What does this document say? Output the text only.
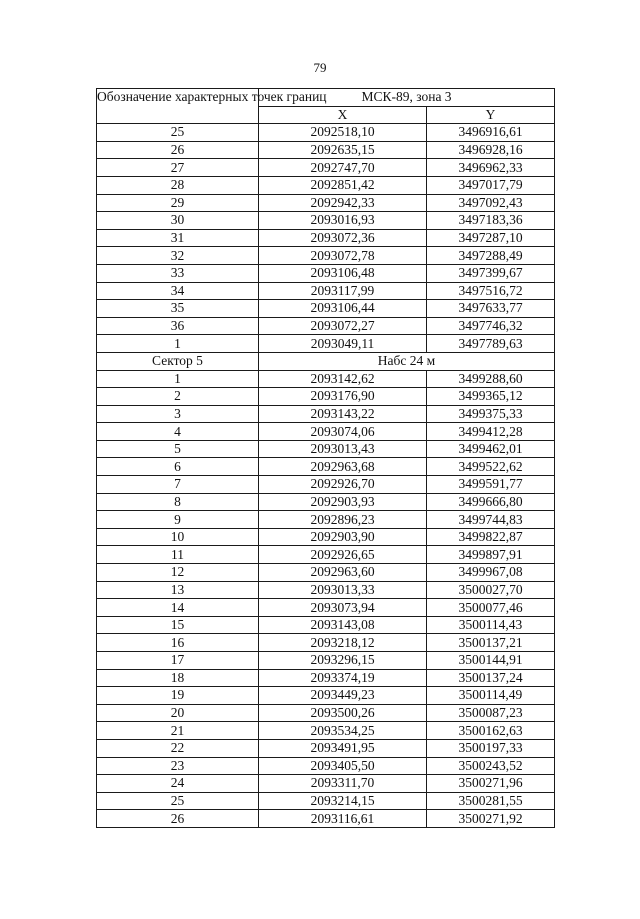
79
Обозначение характерных точек границ	МСК-89, зона 3	
	X	Y
25	2092518,10	3496916,61
26	2092635,15	3496928,16
27	2092747,70	3496962,33
28	2092851,42	3497017,79
29	2092942,33	3497092,43
30	2093016,93	3497183,36
31	2093072,36	3497287,10
32	2093072,78	3497288,49
33	2093106,48	3497399,67
34	2093117,99	3497516,72
35	2093106,44	3497633,77
36	2093072,27	3497746,32
1	2093049,11	3497789,63
Сектор 5	Набс 24 м	
1	2093142,62	3499288,60
2	2093176,90	3499365,12
3	2093143,22	3499375,33
4	2093074,06	3499412,28
5	2093013,43	3499462,01
6	2092963,68	3499522,62
7	2092926,70	3499591,77
8	2092903,93	3499666,80
9	2092896,23	3499744,83
10	2092903,90	3499822,87
11	2092926,65	3499897,91
12	2092963,60	3499967,08
13	2093013,33	3500027,70
14	2093073,94	3500077,46
15	2093143,08	3500114,43
16	2093218,12	3500137,21
17	2093296,15	3500144,91
18	2093374,19	3500137,24
19	2093449,23	3500114,49
20	2093500,26	3500087,23
21	2093534,25	3500162,63
22	2093491,95	3500197,33
23	2093405,50	3500243,52
24	2093311,70	3500271,96
25	2093214,15	3500281,55
26	2093116,61	3500271,92
